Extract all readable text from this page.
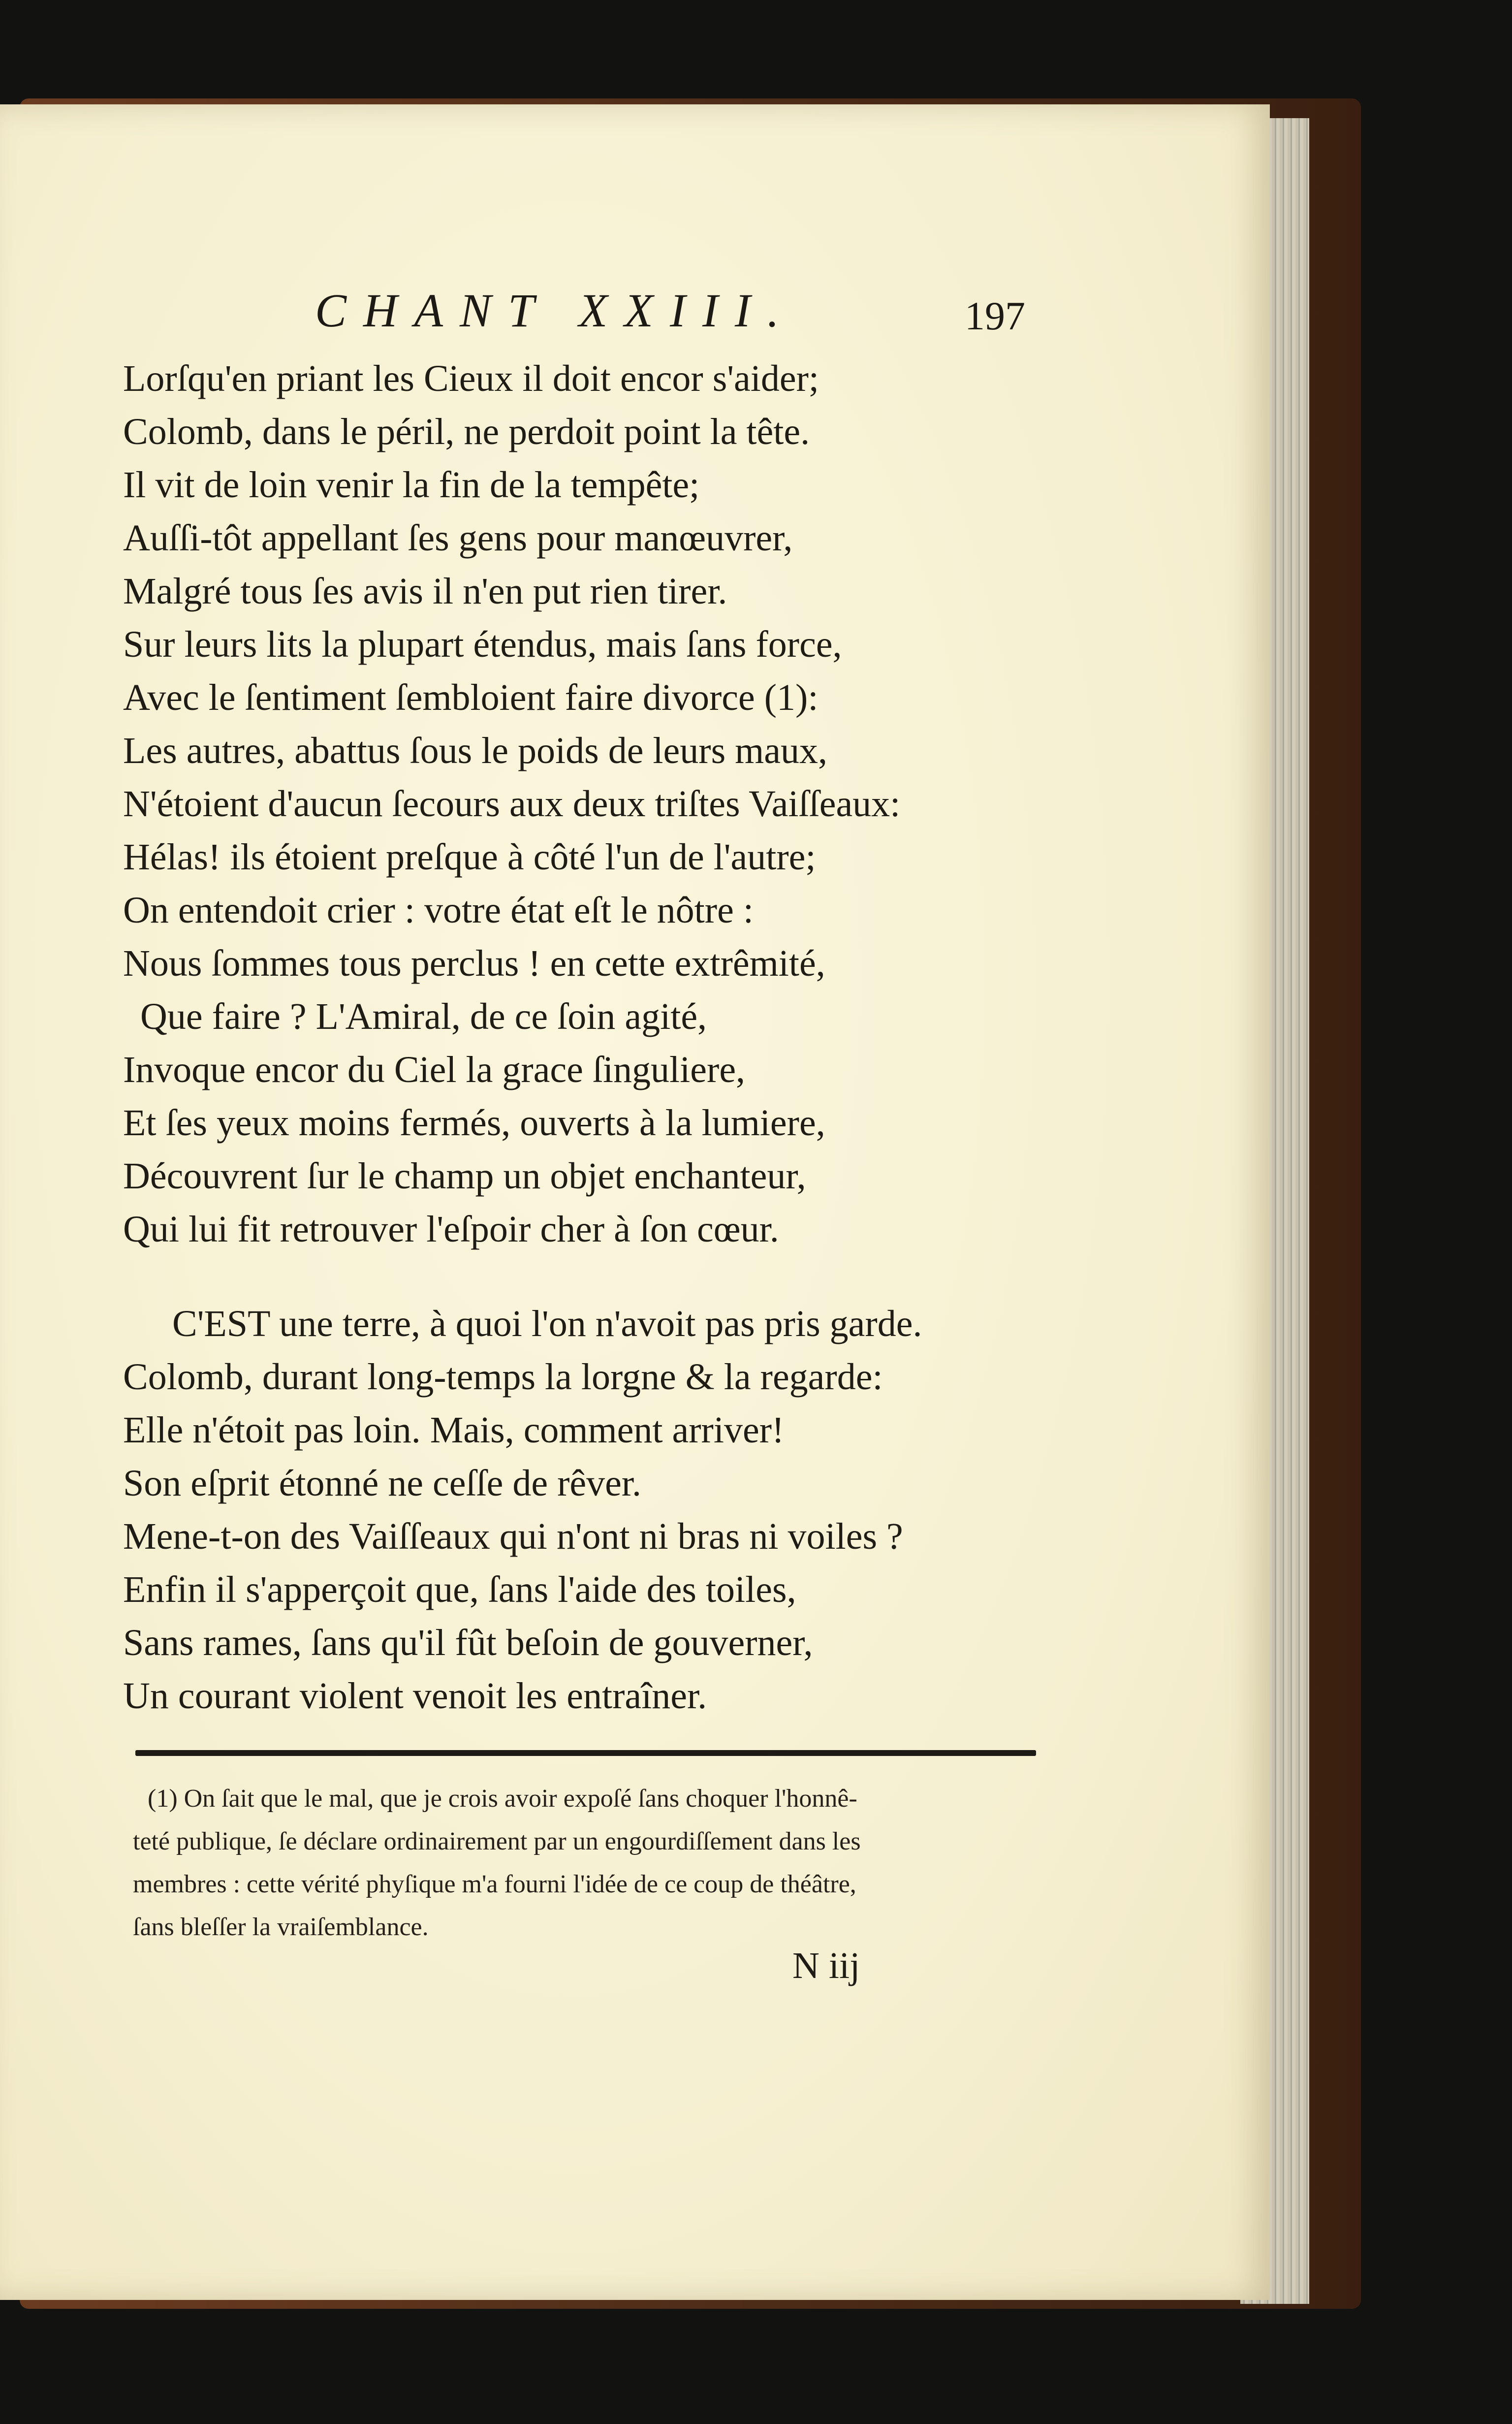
CHANT XXIII.	197
Lorſqu'en priant les Cieux il doit encor s'aider;
Colomb, dans le péril, ne perdoit point la tête.
Il vit de loin venir la fin de la tempête;
Auſſi-tôt appellant ſes gens pour manœuvrer,
Malgré tous ſes avis il n'en put rien tirer.
Sur leurs lits la plupart étendus, mais ſans force,
Avec le ſentiment ſembloient faire divorce (1):
Les autres, abattus ſous le poids de leurs maux,
N'étoient d'aucun ſecours aux deux triſtes Vaiſſeaux:
Hélas! ils étoient preſque à côté l'un de l'autre;
On entendoit crier : votre état eſt le nôtre :
Nous ſommes tous perclus ! en cette extrêmité,
Que faire ? L'Amiral, de ce ſoin agité,
Invoque encor du Ciel la grace ſinguliere,
Et ſes yeux moins fermés, ouverts à la lumiere,
Découvrent ſur le champ un objet enchanteur,
Qui lui fit retrouver l'eſpoir cher à ſon cœur.
C'EST une terre, à quoi l'on n'avoit pas pris garde.
Colomb, durant long-temps la lorgne & la regarde:
Elle n'étoit pas loin. Mais, comment arriver!
Son eſprit étonné ne ceſſe de rêver.
Mene-t-on des Vaiſſeaux qui n'ont ni bras ni voiles ?
Enfin il s'apperçoit que, ſans l'aide des toiles,
Sans rames, ſans qu'il fût beſoin de gouverner,
Un courant violent venoit les entraîner.

(1) On ſait que le mal, que je crois avoir expoſé ſans choquer l'honnê-

teté publique, ſe déclare ordinairement par un engourdiſſement dans les

membres : cette vérité phyſique m'a fourni l'idée de ce coup de théâtre,

ſans bleſſer la vraiſemblance.

N iij
